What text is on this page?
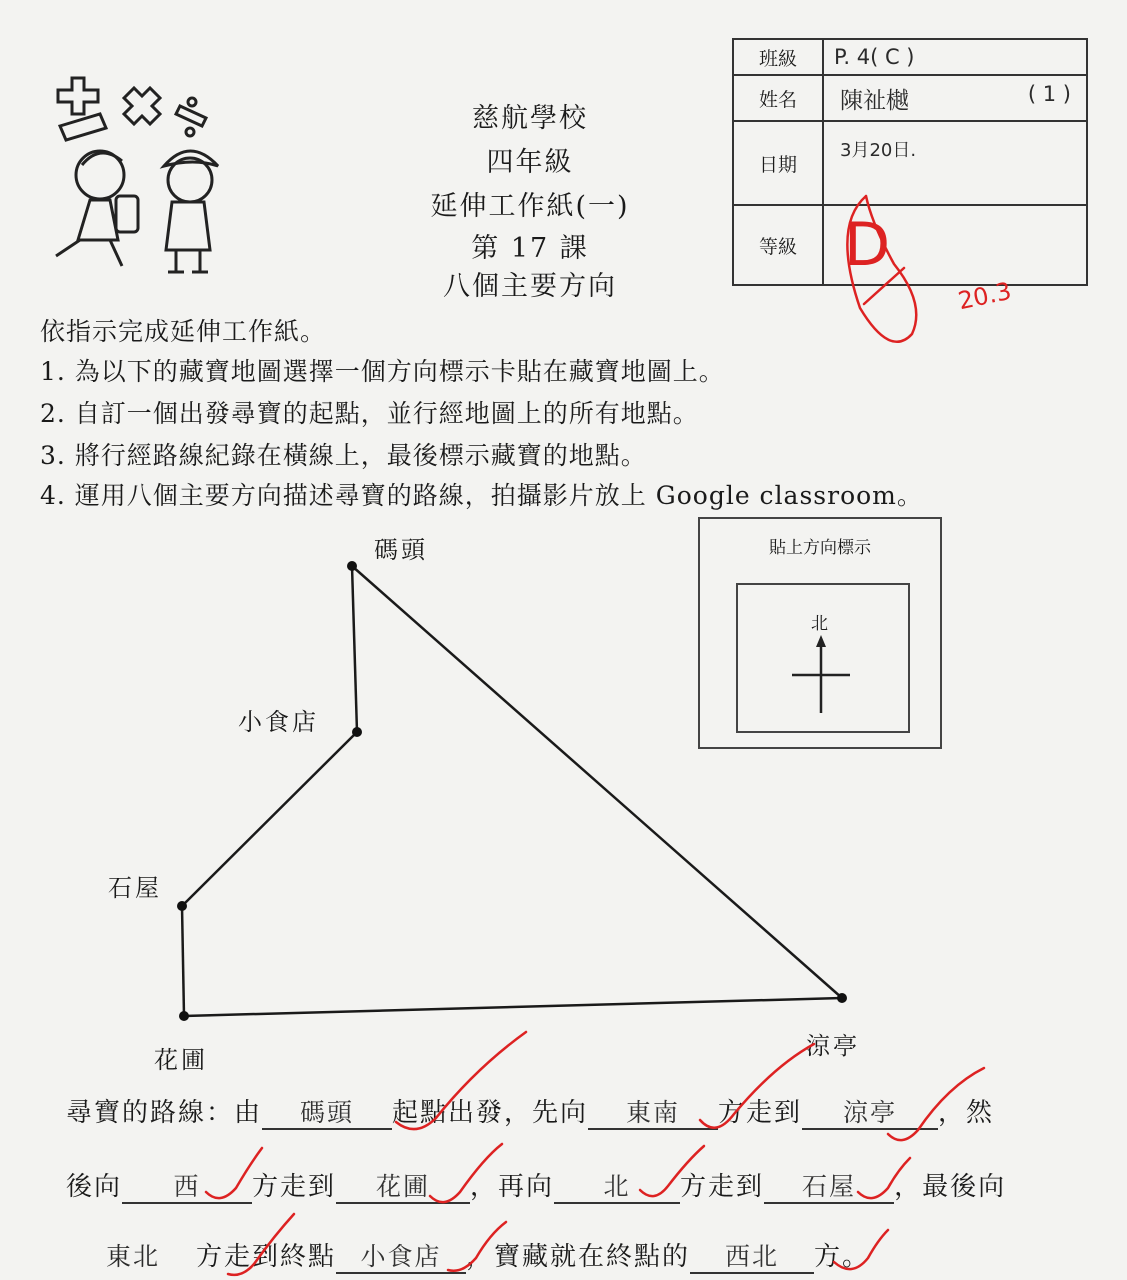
慈航學校
四年級
延伸工作紙(一)
第 17 課
八個主要方向
班級	P. 4( C )
姓名	陳祉樾 ( 1 )

日期	3月20日.
等級	D
20.3
依指示完成延伸工作紙。
1. 為以下的藏寶地圖選擇一個方向標示卡貼在藏寶地圖上。
2. 自訂一個出發尋寶的起點，並行經地圖上的所有地點。
3. 將行經路線紀錄在橫線上，最後標示藏寶的地點。
4. 運用八個主要方向描述尋寶的路線，拍攝影片放上 Google classroom。
碼頭
小食店
石屋
花圃	涼亭
貼上方向標示
北
尋寶的路線：由 碼頭 起點出發，先向 東南 方走到 涼亭 ，然
後向 西 方走到 花圃 ，再向 北 方走到 石屋 ，最後向
東北 方走到終點 小食店 ，寶藏就在終點的 西北 方。
